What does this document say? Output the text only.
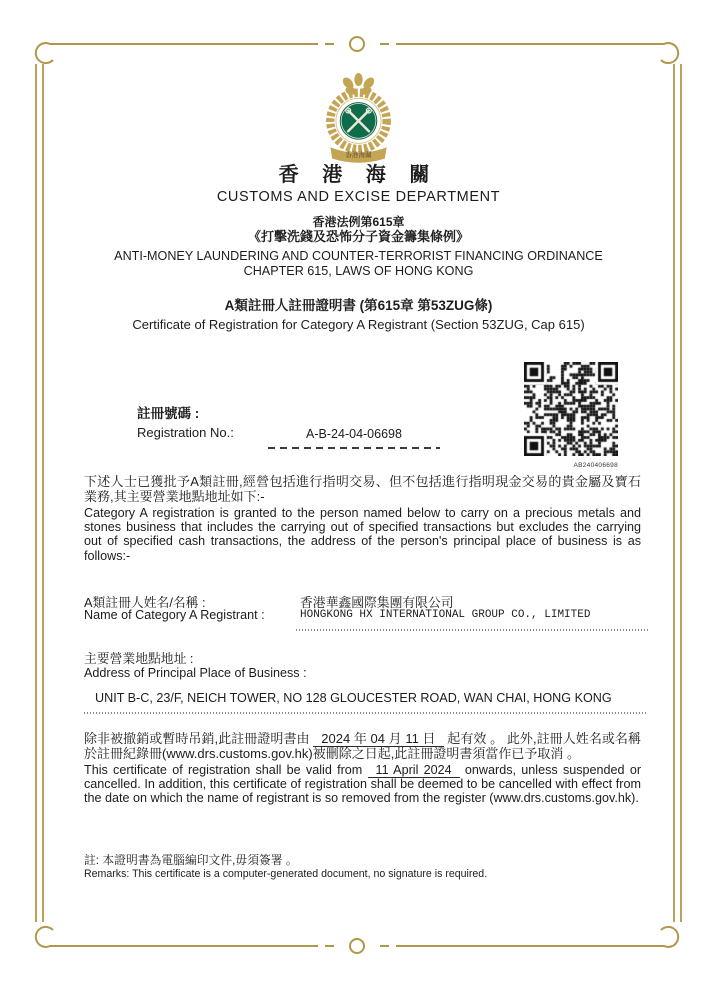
香港海關
香 港 海 關
CUSTOMS AND EXCISE DEPARTMENT
香港法例第615章
《打擊洗錢及恐怖分子資金籌集條例》
ANTI-MONEY LAUNDERING AND COUNTER-TERRORIST FINANCING ORDINANCE
CHAPTER 615, LAWS OF HONG KONG
A類註冊人註冊證明書 (第615章 第53ZUG條)
Certificate of Registration for Category A Registrant (Section 53ZUG, Cap 615)
AB240406698
註冊號碼 :
Registration No.:	A-B-24-04-06698

下述人士已獲批予A類註冊,經營包括進行指明交易、但不包括進行指明現金交易的貴金屬及寶石業務,其主要營業地點地址如下:-

Category A registration is granted to the person named below to carry on a precious metals and stones business that includes the carrying out of specified transactions but excludes the carrying out of specified cash transactions, the address of the person's principal place of business is as follows:-

A類註冊人姓名/名稱 :
Name of Category A Registrant :
香港華鑫國際集團有限公司
HONGKONG HX INTERNATIONAL GROUP CO., LIMITED
主要營業地點地址 :
Address of Principal Place of Business :
UNIT B-C, 23/F, NEICH TOWER, NO 128 GLOUCESTER ROAD, WAN CHAI, HONG KONG

除非被撤銷或暫時吊銷,此註冊證明書由 2024 年 04 月 11 日 起有效 。 此外,註冊人姓名或名稱於註冊紀錄冊(www.drs.customs.gov.hk)被刪除之日起,此註冊證明書須當作已予取消 。

This certificate of registration shall be valid from 11 April 2024 onwards, unless suspended or cancelled. In addition, this certificate of registration shall be deemed to be cancelled with effect from the date on which the name of registrant is so removed from the register (www.drs.customs.gov.hk).

註: 本證明書為電腦編印文件,毋須簽署 。
Remarks: This certificate is a computer-generated document, no signature is required.
